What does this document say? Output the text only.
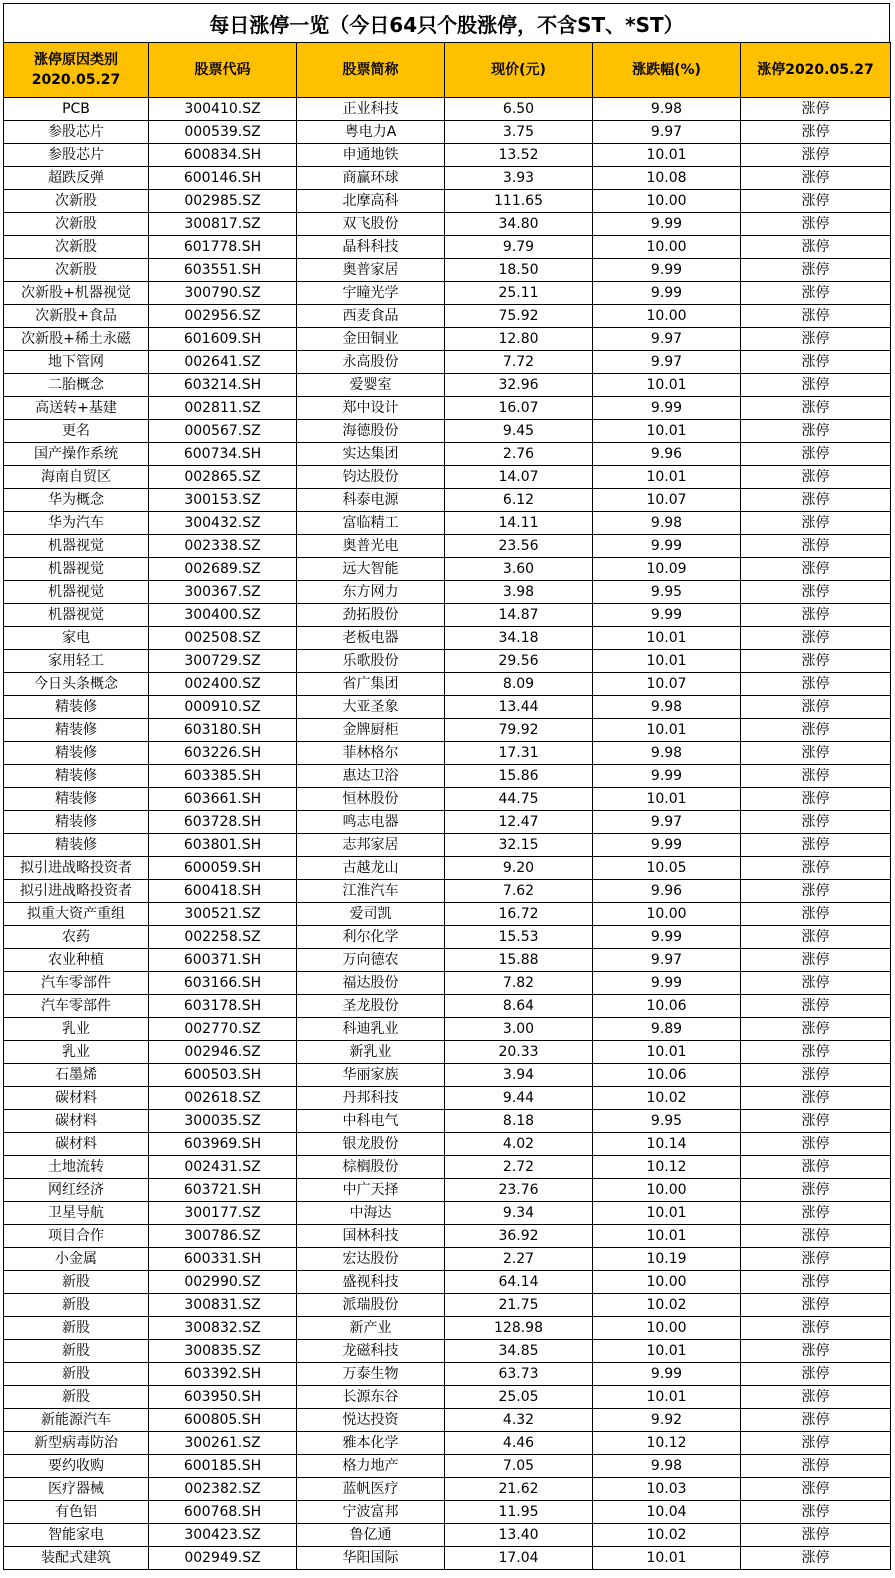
每日涨停一览（今日64只个股涨停，不含ST、*ST）
涨停原因类别
2020.05.27	股票代码	股票简称	现价(元)	涨跌幅(%)	涨停2020.05.27
PCB	300410.SZ	正业科技	6.50	9.98	涨停
参股芯片	000539.SZ	粤电力A	3.75	9.97	涨停
参股芯片	600834.SH	申通地铁	13.52	10.01	涨停
超跌反弹	600146.SH	商赢环球	3.93	10.08	涨停
次新股	002985.SZ	北摩高科	111.65	10.00	涨停
次新股	300817.SZ	双飞股份	34.80	9.99	涨停
次新股	601778.SH	晶科科技	9.79	10.00	涨停
次新股	603551.SH	奥普家居	18.50	9.99	涨停
次新股+机器视觉	300790.SZ	宇瞳光学	25.11	9.99	涨停
次新股+食品	002956.SZ	西麦食品	75.92	10.00	涨停
次新股+稀土永磁	601609.SH	金田铜业	12.80	9.97	涨停
地下管网	002641.SZ	永高股份	7.72	9.97	涨停
二胎概念	603214.SH	爱婴室	32.96	10.01	涨停
高送转+基建	002811.SZ	郑中设计	16.07	9.99	涨停
更名	000567.SZ	海德股份	9.45	10.01	涨停
国产操作系统	600734.SH	实达集团	2.76	9.96	涨停
海南自贸区	002865.SZ	钧达股份	14.07	10.01	涨停
华为概念	300153.SZ	科泰电源	6.12	10.07	涨停
华为汽车	300432.SZ	富临精工	14.11	9.98	涨停
机器视觉	002338.SZ	奥普光电	23.56	9.99	涨停
机器视觉	002689.SZ	远大智能	3.60	10.09	涨停
机器视觉	300367.SZ	东方网力	3.98	9.95	涨停
机器视觉	300400.SZ	劲拓股份	14.87	9.99	涨停
家电	002508.SZ	老板电器	34.18	10.01	涨停
家用轻工	300729.SZ	乐歌股份	29.56	10.01	涨停
今日头条概念	002400.SZ	省广集团	8.09	10.07	涨停
精装修	000910.SZ	大亚圣象	13.44	9.98	涨停
精装修	603180.SH	金牌厨柜	79.92	10.01	涨停
精装修	603226.SH	菲林格尔	17.31	9.98	涨停
精装修	603385.SH	惠达卫浴	15.86	9.99	涨停
精装修	603661.SH	恒林股份	44.75	10.01	涨停
精装修	603728.SH	鸣志电器	12.47	9.97	涨停
精装修	603801.SH	志邦家居	32.15	9.99	涨停
拟引进战略投资者	600059.SH	古越龙山	9.20	10.05	涨停
拟引进战略投资者	600418.SH	江淮汽车	7.62	9.96	涨停
拟重大资产重组	300521.SZ	爱司凯	16.72	10.00	涨停
农药	002258.SZ	利尔化学	15.53	9.99	涨停
农业种植	600371.SH	万向德农	15.88	9.97	涨停
汽车零部件	603166.SH	福达股份	7.82	9.99	涨停
汽车零部件	603178.SH	圣龙股份	8.64	10.06	涨停
乳业	002770.SZ	科迪乳业	3.00	9.89	涨停
乳业	002946.SZ	新乳业	20.33	10.01	涨停
石墨烯	600503.SH	华丽家族	3.94	10.06	涨停
碳材料	002618.SZ	丹邦科技	9.44	10.02	涨停
碳材料	300035.SZ	中科电气	8.18	9.95	涨停
碳材料	603969.SH	银龙股份	4.02	10.14	涨停
土地流转	002431.SZ	棕榈股份	2.72	10.12	涨停
网红经济	603721.SH	中广天择	23.76	10.00	涨停
卫星导航	300177.SZ	中海达	9.34	10.01	涨停
项目合作	300786.SZ	国林科技	36.92	10.01	涨停
小金属	600331.SH	宏达股份	2.27	10.19	涨停
新股	002990.SZ	盛视科技	64.14	10.00	涨停
新股	300831.SZ	派瑞股份	21.75	10.02	涨停
新股	300832.SZ	新产业	128.98	10.00	涨停
新股	300835.SZ	龙磁科技	34.85	10.01	涨停
新股	603392.SH	万泰生物	63.73	9.99	涨停
新股	603950.SH	长源东谷	25.05	10.01	涨停
新能源汽车	600805.SH	悦达投资	4.32	9.92	涨停
新型病毒防治	300261.SZ	雅本化学	4.46	10.12	涨停
要约收购	600185.SH	格力地产	7.05	9.98	涨停
医疗器械	002382.SZ	蓝帆医疗	21.62	10.03	涨停
有色铝	600768.SH	宁波富邦	11.95	10.04	涨停
智能家电	300423.SZ	鲁亿通	13.40	10.02	涨停
装配式建筑	002949.SZ	华阳国际	17.04	10.01	涨停
